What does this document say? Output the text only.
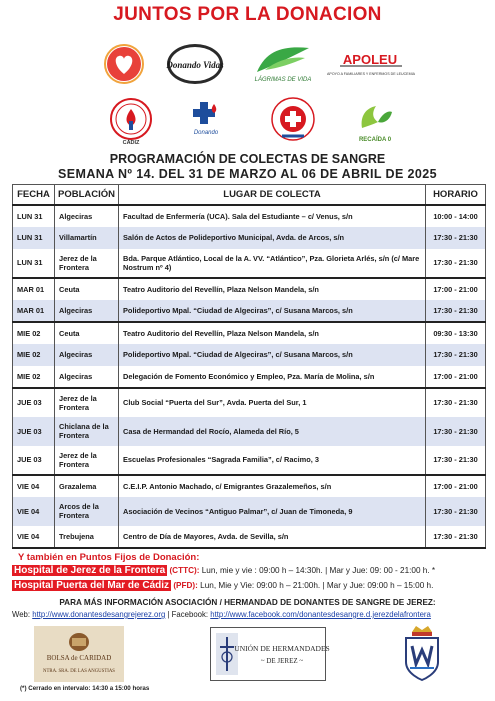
JUNTOS POR LA DONACION
Donando Vidas
LÁGRIMAS DE VIDA
APOLEU
APOYO A FAMILIARES Y ENFERMOS DE LEUCEMIA
CÁDIZ
Donando
RECAÍDA 0
PROGRAMACIÓN DE COLECTAS DE SANGRE
SEMANA Nº 14. DEL 31 DE MARZO AL 06 DE ABRIL DE 2025
FECHA	POBLACIÓN	LUGAR DE COLECTA	HORARIO
LUN 31	Algeciras	Facultad de Enfermería (UCA). Sala del Estudiante – c/ Venus, s/n	10:00 - 14:00
LUN 31	Villamartín	Salón de Actos de Polideportivo Municipal, Avda. de Arcos, s/n	17:30 - 21:30
LUN 31	Jerez de la Frontera	Bda. Parque Atlántico, Local de la A. VV. “Atlántico”, Pza. Glorieta Arlés, s/n (c/ Mare Nostrum nº 4)	17:30 - 21:30
MAR 01	Ceuta	Teatro Auditorio del Revellín, Plaza Nelson Mandela, s/n	17:00 - 21:00
MAR 01	Algeciras	Polideportivo Mpal. “Ciudad de Algeciras”, c/ Susana Marcos, s/n	17:30 - 21:30
MIE 02	Ceuta	Teatro Auditorio del Revellín, Plaza Nelson Mandela, s/n	09:30 - 13:30
MIE 02	Algeciras	Polideportivo Mpal. “Ciudad de Algeciras”, c/ Susana Marcos, s/n	17:30 - 21:30
MIE 02	Algeciras	Delegación de Fomento Económico y Empleo, Pza. María de Molina, s/n	17:00 - 21:00
JUE 03	Jerez de la Frontera	Club Social “Puerta del Sur”, Avda. Puerta del Sur, 1	17:30 - 21:30
JUE 03	Chiclana de la Frontera	Casa de Hermandad del Rocío, Alameda del Río, 5	17:30 - 21:30
JUE 03	Jerez de la Frontera	Escuelas Profesionales “Sagrada Familia”, c/ Racimo, 3	17:30 - 21:30
VIE 04	Grazalema	C.E.I.P. Antonio Machado, c/ Emigrantes Grazalemeños, s/n	17:00 - 21:00
VIE 04	Arcos de la Frontera	Asociación de Vecinos “Antiguo Palmar”, c/ Juan de Timoneda, 9	17:30 - 21:30
VIE 04	Trebujena	Centro de Día de Mayores, Avda. de Sevilla, s/n	17:30 - 21:30
Y también en Puntos Fijos de Donación:
Hospital de Jerez de la Frontera (CTTC): Lun, mie y vie : 09:00 h – 14:30h. | Mar y Jue: 09: 00 - 21:00 h. *
Hospital Puerta del Mar de Cádiz (PFD): Lun, Mie y Vie: 09:00 h – 21:00h. | Mar y Jue: 09:00 h – 15:00 h.
PARA MÁS INFORMACIÓN ASOCIACIÓN / HERMANDAD DE DONANTES DE SANGRE DE JEREZ:
Web: http://www.donantesdesangrejerez.org | Facebook: http://www.facebook.com/donantesdesangre.d.jerezdelafrontera
BOLSA de CARIDAD
NTRA. SRA. DE LAS ANGUSTIAS
UNIÓN DE HERMANDADES
~ DE JEREZ ~
(*) Cerrado en intervalo: 14:30 a 15:00 horas
